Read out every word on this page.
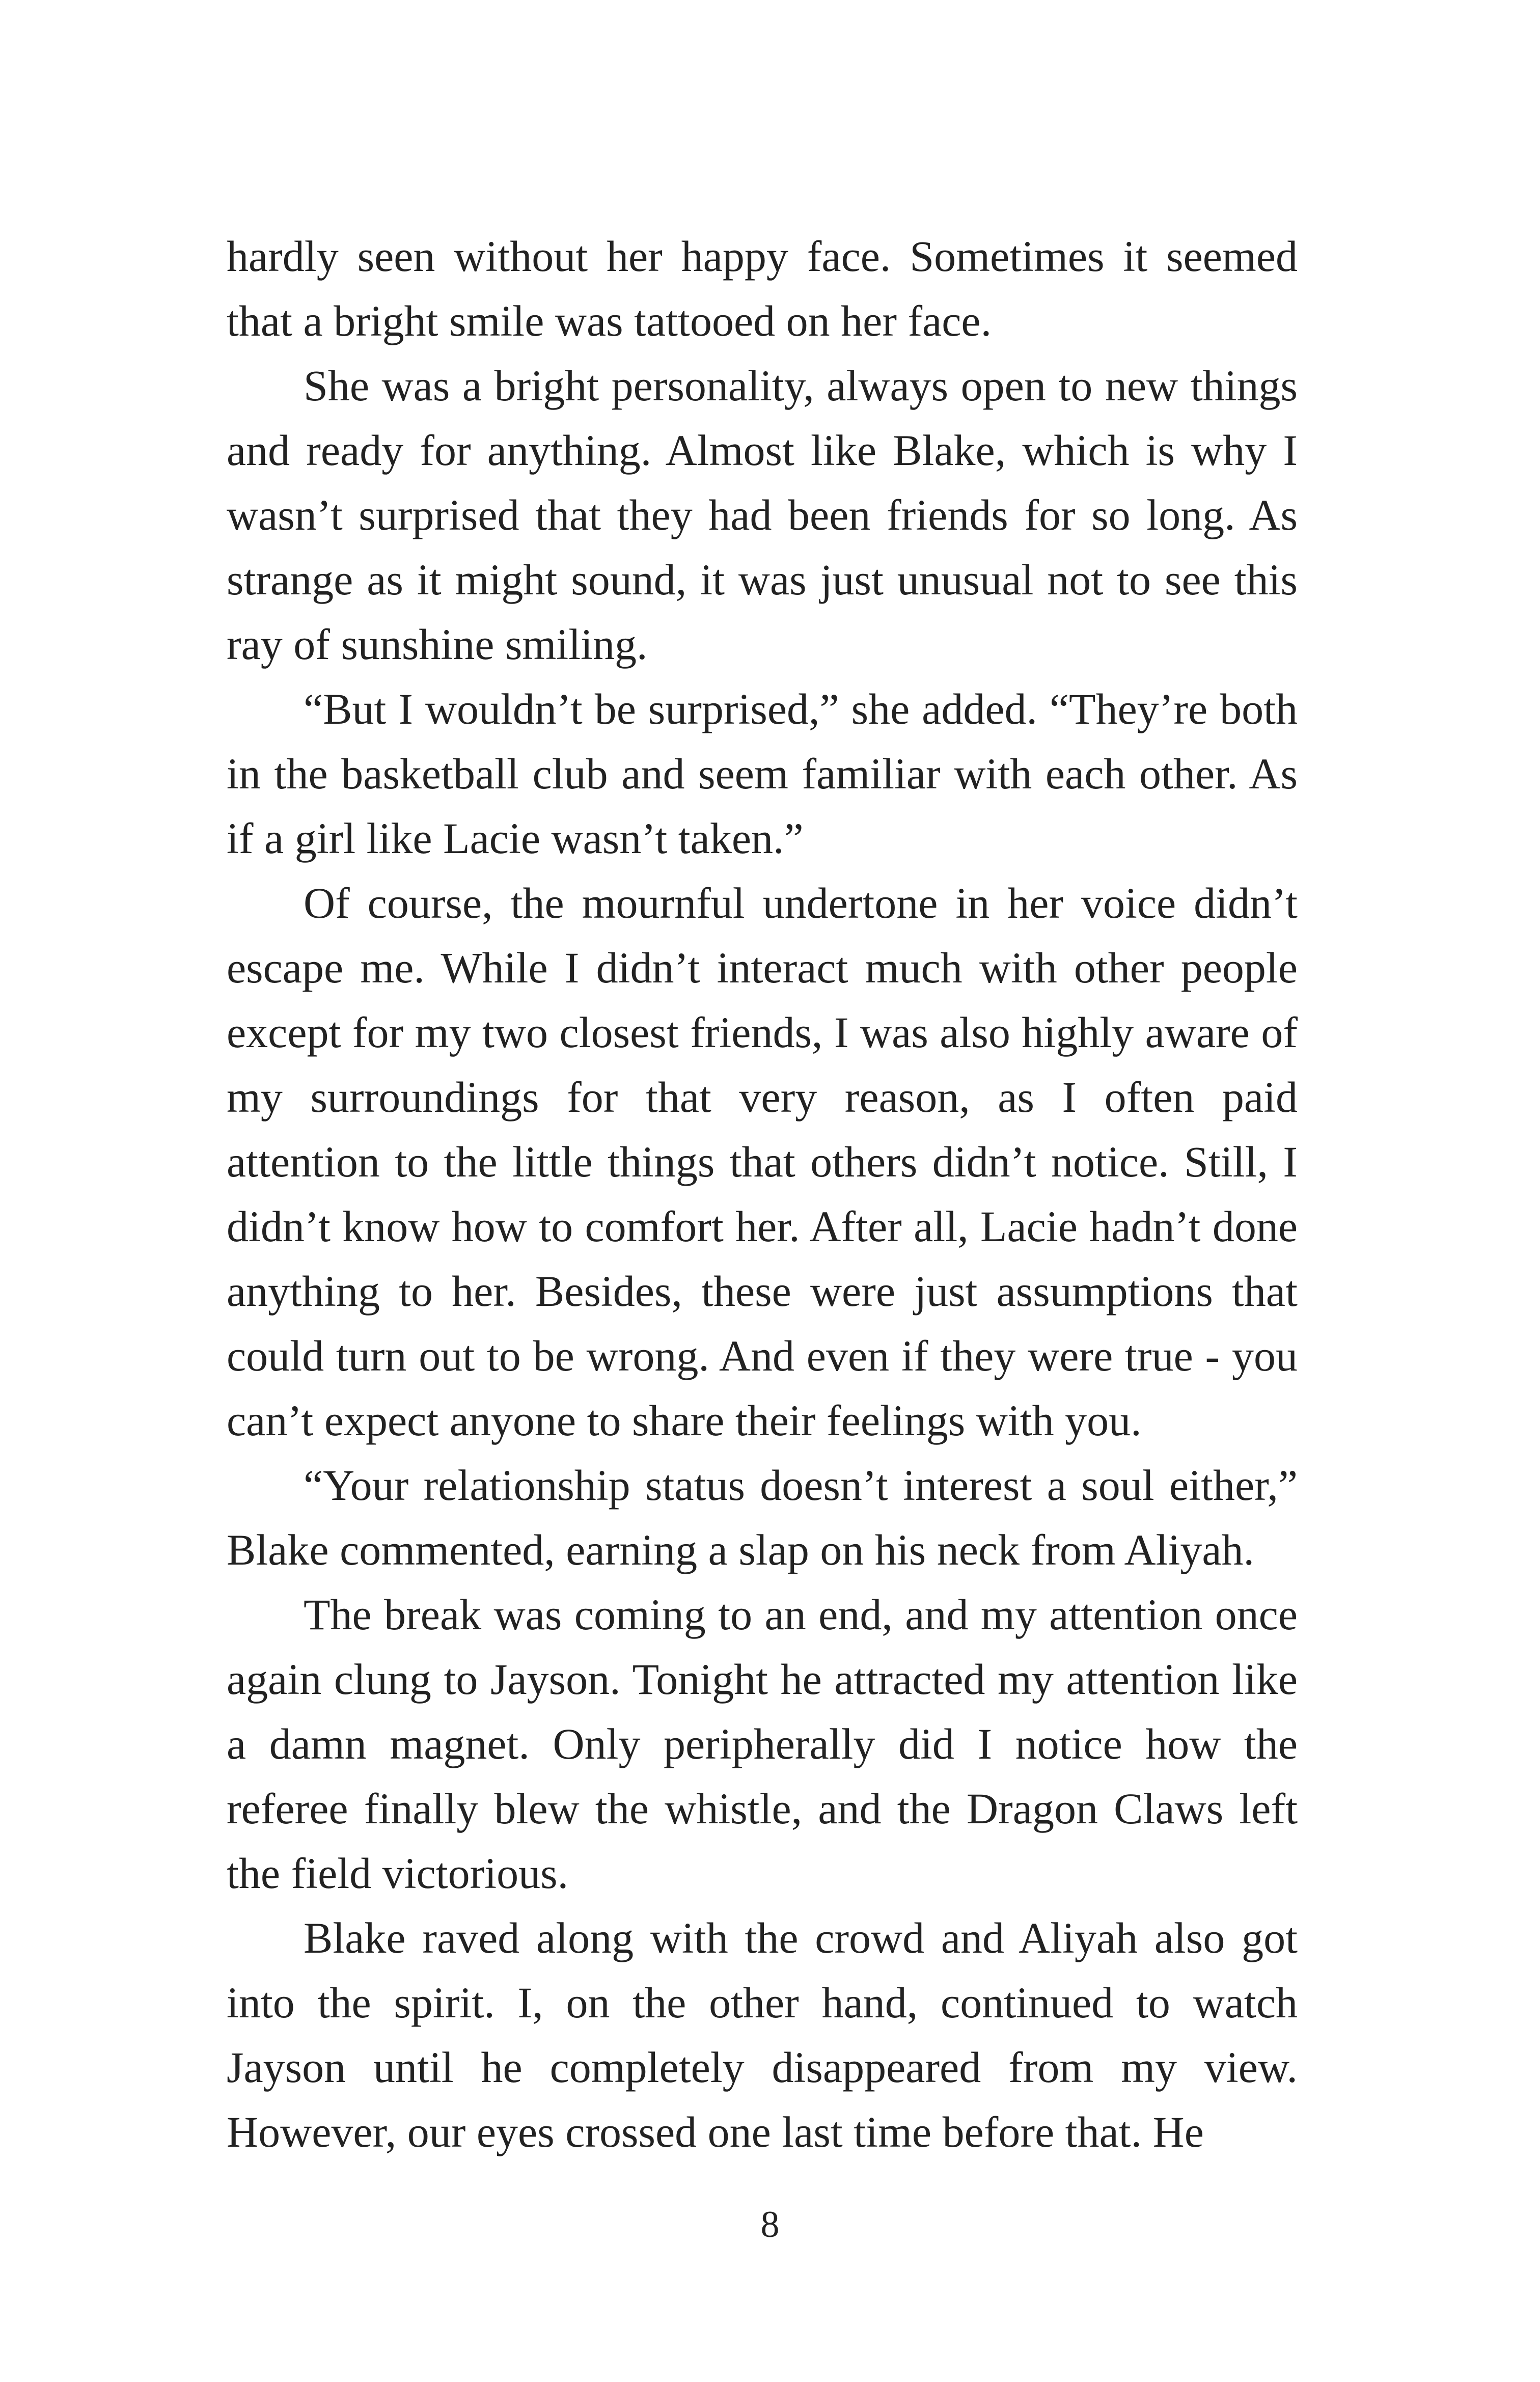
hardly seen without her happy face. Sometimes it seemed that a bright smile was tattooed on her face.

She was a bright personality, always open to new things and ready for anything. Almost like Blake, which is why I wasn’t surprised that they had been friends for so long. As strange as it might sound, it was just unusual not to see this ray of sunshine smiling.

“But I wouldn’t be surprised,” she added. “They’re both in the basketball club and seem familiar with each other. As if a girl like Lacie wasn’t taken.”

Of course, the mournful undertone in her voice didn’t escape me. While I didn’t interact much with other people except for my two closest friends, I was also highly aware of my surroundings for that very reason, as I often paid attention to the little things that others didn’t notice. Still, I didn’t know how to comfort her. After all, Lacie hadn’t done anything to her. Besides, these were just assumptions that could turn out to be wrong. And even if they were true - you can’t expect anyone to share their feelings with you.

“Your relationship status doesn’t interest a soul either,” Blake commented, earning a slap on his neck from Aliyah.

The break was coming to an end, and my attention once again clung to Jayson. Tonight he attracted my attention like a damn magnet. Only peripherally did I notice how the referee finally blew the whistle, and the Dragon Claws left the field victorious.

Blake raved along with the crowd and Aliyah also got into the spirit. I, on the other hand, continued to watch Jayson until he completely disappeared from my view. However, our eyes crossed one last time before that. He

8
